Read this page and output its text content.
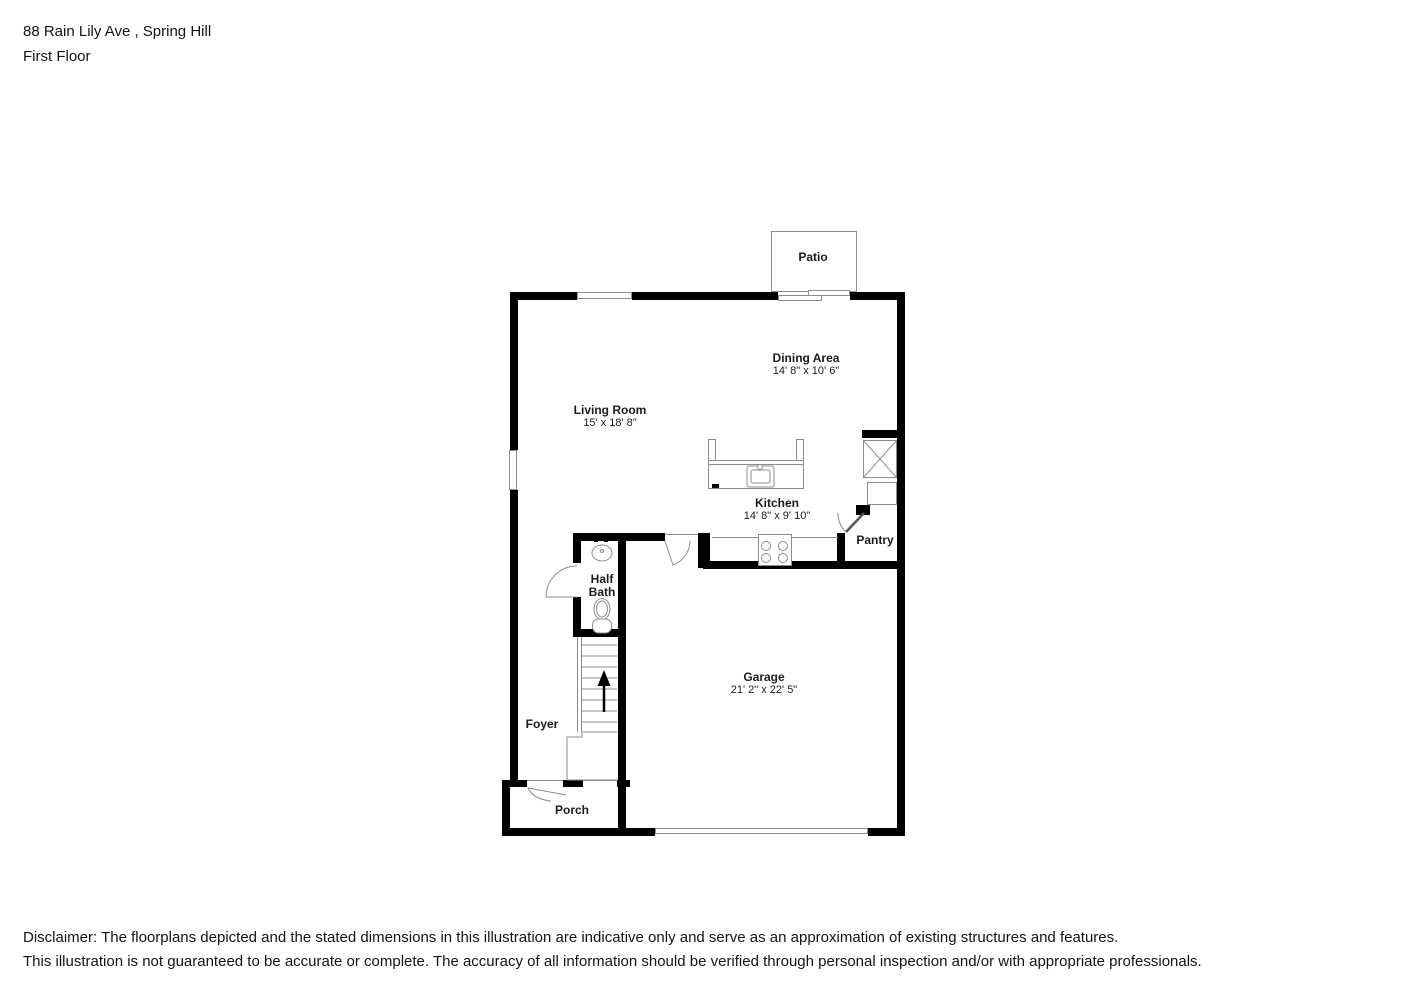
88 Rain Lily Ave , Spring Hill
First Floor
Patio
Dining Area
14' 8" x 10' 6"
Living Room
15' x 18' 8"
Kitchen
14' 8" x 9' 10"
Pantry
Half Bath
Garage
21' 2" x 22' 5"
Foyer
Porch
Disclaimer: The floorplans depicted and the stated dimensions in this illustration are indicative only and serve as an approximation of existing structures and features.
This illustration is not guaranteed to be accurate or complete. The accuracy of all information should be verified through personal inspection and/or with appropriate professionals.
